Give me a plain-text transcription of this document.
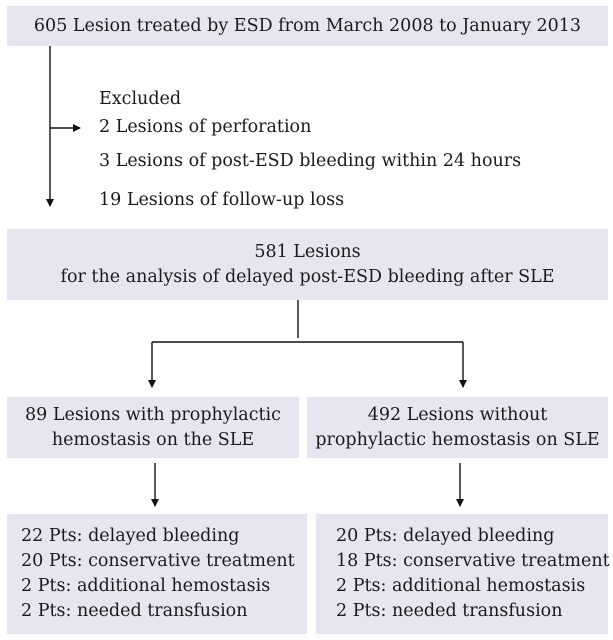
605 Lesion treated by ESD from March 2008 to January 2013
Excluded
2 Lesions of perforation
3 Lesions of post-ESD bleeding within 24 hours
19 Lesions of follow-up loss
581 Lesions
for the analysis of delayed post-ESD bleeding after SLE
89 Lesions with prophylactic
hemostasis on the SLE
492 Lesions without
prophylactic hemostasis on SLE
22 Pts: delayed bleeding
20 Pts: conservative treatment
2 Pts: additional hemostasis
2 Pts: needed transfusion
20 Pts: delayed bleeding
18 Pts: conservative treatment
2 Pts: additional hemostasis
2 Pts: needed transfusion
